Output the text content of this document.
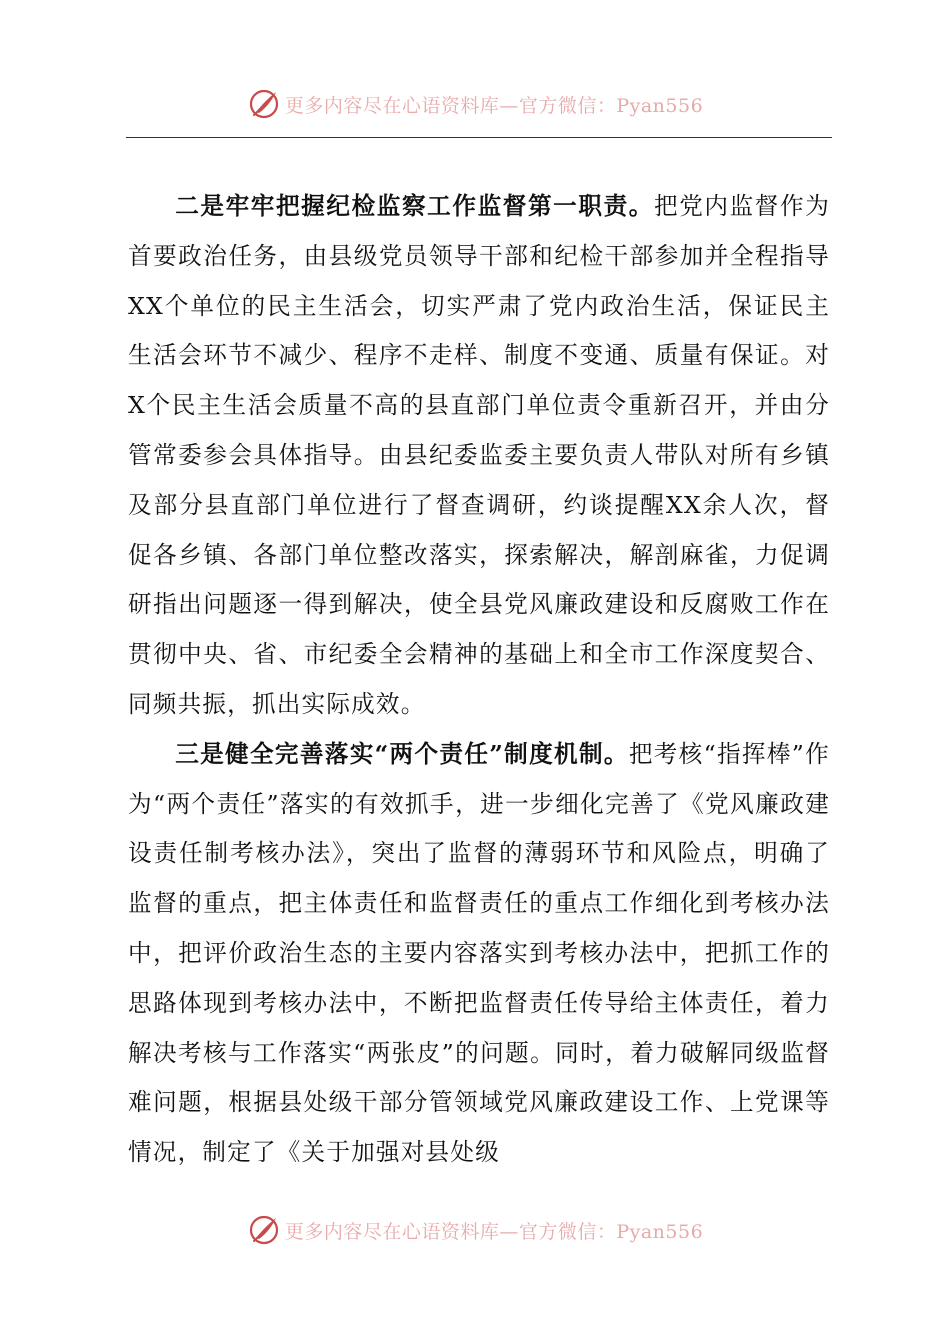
更多内容尽在心语资料库—官方微信：Pyan556

二是牢牢把握纪检监察工作监督第一职责。把党内监督作为首要政治任务，由县级党员领导干部和纪检干部参加并全程指导XX个单位的民主生活会，切实严肃了党内政治生活，保证民主生活会环节不减少、程序不走样、制度不变通、质量有保证。对X个民主生活会质量不高的县直部门单位责令重新召开，并由分管常委参会具体指导。由县纪委监委主要负责人带队对所有乡镇及部分县直部门单位进行了督查调研，约谈提醒XX余人次，督促各乡镇、各部门单位整改落实，探索解决，解剖麻雀，力促调研指出问题逐一得到解决，使全县党风廉政建设和反腐败工作在贯彻中央、省、市纪委全会精神的基础上和全市工作深度契合、同频共振，抓出实际成效。

三是健全完善落实“两个责任”制度机制。把考核“指挥棒”作为“两个责任”落实的有效抓手，进一步细化完善了《党风廉政建设责任制考核办法》，突出了监督的薄弱环节和风险点，明确了监督的重点，把主体责任和监督责任的重点工作细化到考核办法中，把评价政治生态的主要内容落实到考核办法中，把抓工作的思路体现到考核办法中，不断把监督责任传导给主体责任，着力解决考核与工作落实“两张皮”的问题。同时，着力破解同级监督难问题，根据县处级干部分管领域党风廉政建设工作、上党课等情况，制定了《关于加强对县处级

更多内容尽在心语资料库—官方微信：Pyan556
